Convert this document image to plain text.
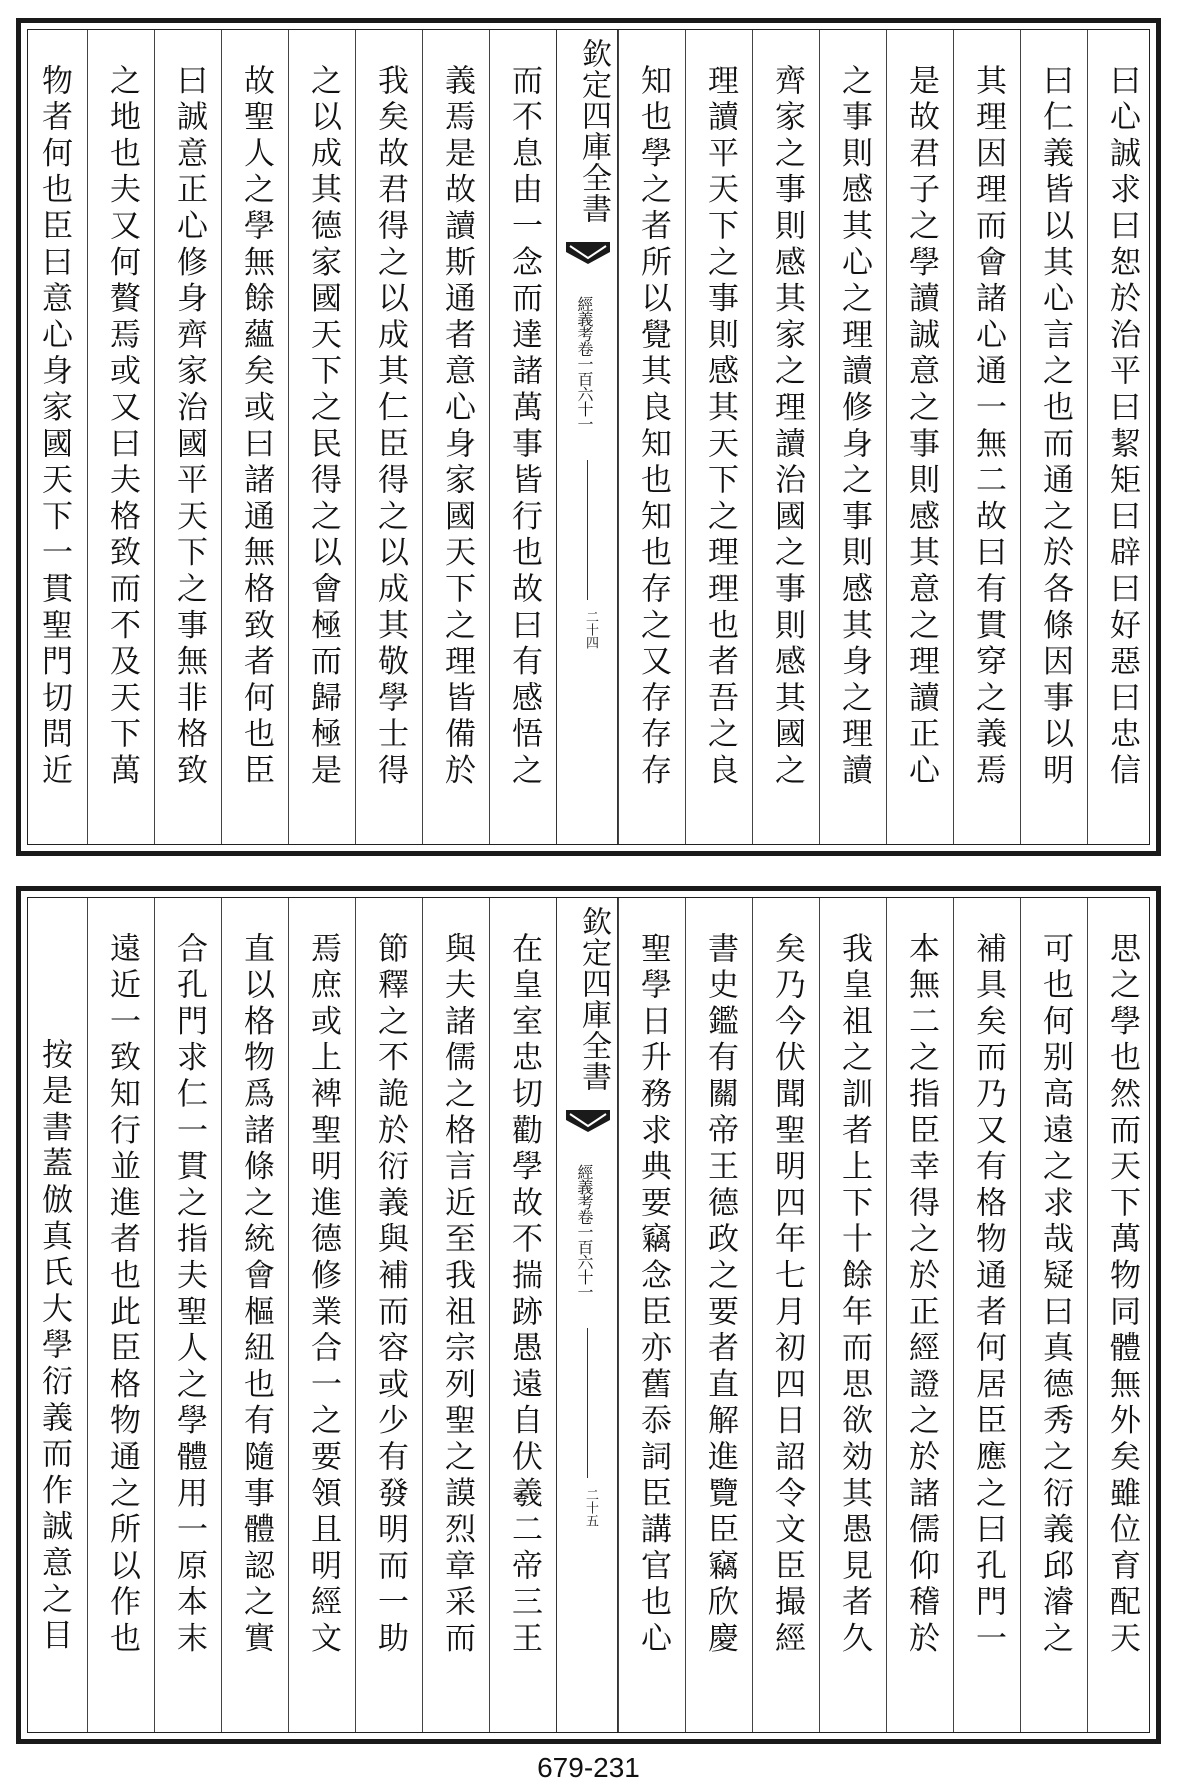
曰心誠求曰恕於治平曰絜矩曰辟曰好惡曰忠信
曰仁義皆以其心言之也而通之於各條因事以明
其理因理而會諸心通一無二故曰有貫穿之義焉
是故君子之學讀誠意之事則感其意之理讀正心
之事則感其心之理讀修身之事則感其身之理讀
齊家之事則感其家之理讀治國之事則感其國之
理讀平天下之事則感其天下之理理也者吾之良
知也學之者所以覺其良知也知也存之又存存存
欽定四庫全書
經義考卷一百六十一
二十四
而不息由一念而達諸萬事皆行也故曰有感悟之
義焉是故讀斯通者意心身家國天下之理皆備於
我矣故君得之以成其仁臣得之以成其敬學士得
之以成其德家國天下之民得之以會極而歸極是
故聖人之學無餘蘊矣或曰諸通無格致者何也臣
曰誠意正心修身齊家治國平天下之事無非格致
之地也夫又何贅焉或又曰夫格致而不及天下萬
物者何也臣曰意心身家國天下一貫聖門切問近
思之學也然而天下萬物同體無外矣雖位育配天
可也何别高遠之求哉疑曰真德秀之衍義邱濬之
補具矣而乃又有格物通者何居臣應之曰孔門一
本無二之指臣幸得之於正經證之於諸儒仰稽於
我皇祖之訓者上下十餘年而思欲効其愚見者久
矣乃今伏聞聖明四年七月初四日詔令文臣撮經
書史鑑有關帝王德政之要者直解進覽臣竊欣慶
聖學日升務求典要竊念臣亦舊忝詞臣講官也心
欽定四庫全書
經義考卷一百六十一
二十五
在皇室忠切勸學故不揣跡愚遠自伏羲二帝三王
與夫諸儒之格言近至我祖宗列聖之謨烈章采而
節釋之不詭於衍義與補而容或少有發明而一助
焉庶或上裨聖明進德修業合一之要領且明經文
直以格物爲諸條之統會樞紐也有隨事體認之實
合孔門求仁一貫之指夫聖人之學體用一原本末
遠近一致知行並進者也此臣格物通之所以作也
按是書蓋倣真氏大學衍義而作誠意之目
679-231
